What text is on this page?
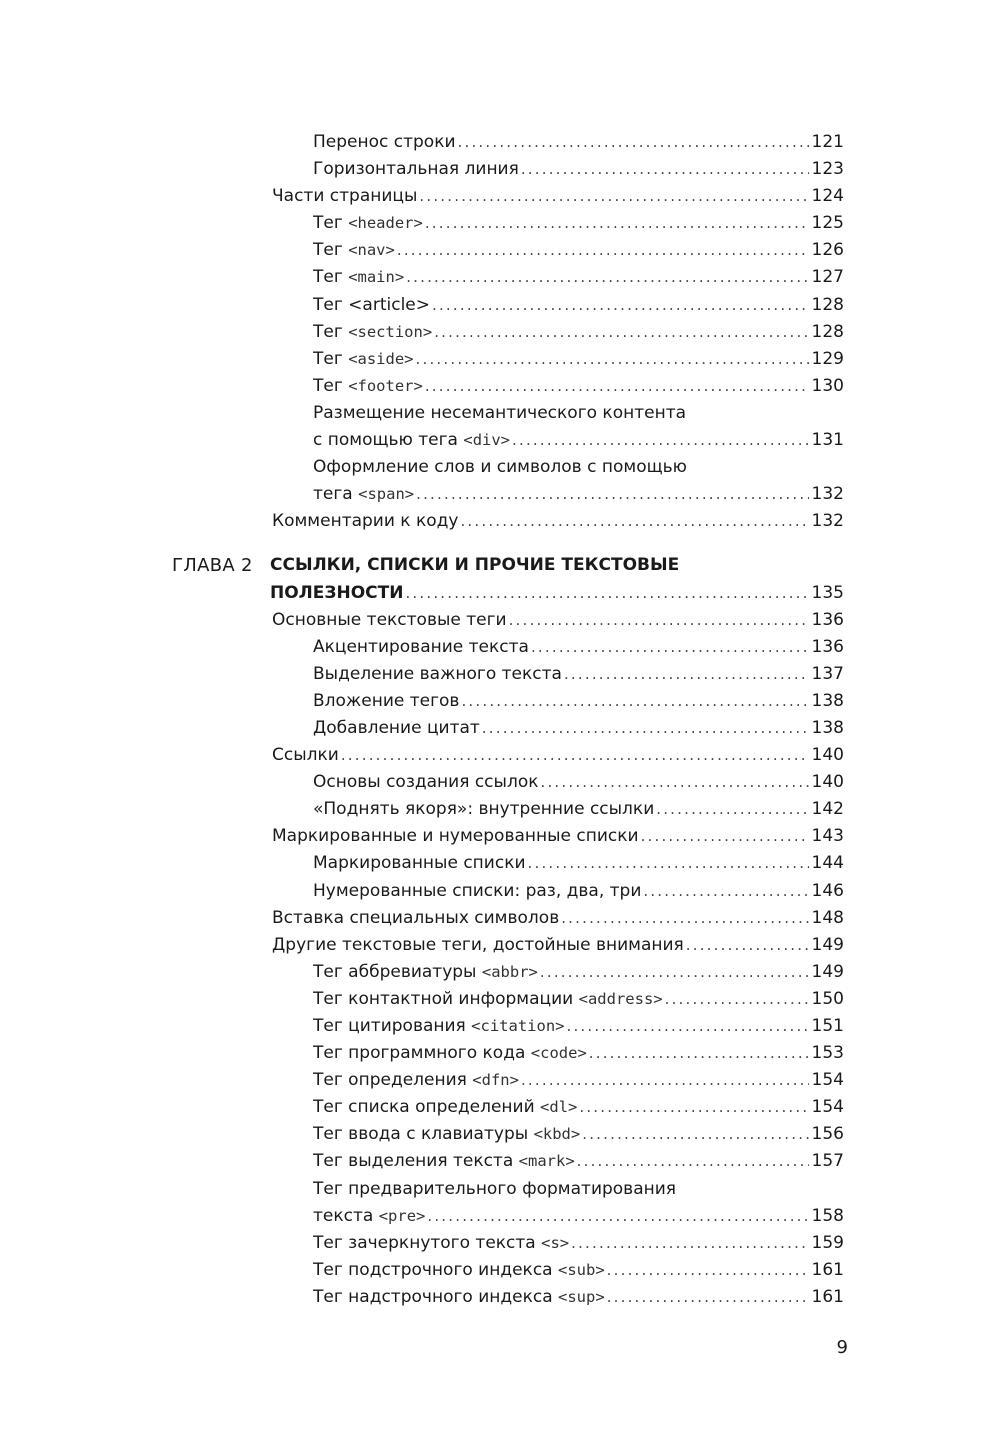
Перенос строки .....	121
Горизонтальная линия .....	123
Части страницы .....	124
Тег <header> .....	125
Тег <nav> .....	126
Тег <main> .....	127
Тег <article> .....	128
Тег <section> .....	128
Тег <aside> .....	129
Тег <footer> .....	130
Размещение несемантического контента
с помощью тега <div> .....	131
Оформление слов и символов с помощью
тега <span> .....	132
Комментарии к коду .....	132
ГЛАВА 2 ССЫЛКИ, СПИСКИ И ПРОЧИЕ ТЕКСТОВЫЕ
ПОЛЕЗНОСТИ .....	135
Основные текстовые теги .....	136
Акцентирование текста .....	136
Выделение важного текста .....	137
Вложение тегов .....	138
Добавление цитат .....	138
Ссылки .....	140
Основы создания ссылок .....	140
«Поднять якоря»: внутренние ссылки .....	142
Маркированные и нумерованные списки .....	143
Маркированные списки .....	144
Нумерованные списки: раз, два, три .....	146
Вставка специальных символов .....	148
Другие текстовые теги, достойные внимания .....	149
Тег аббревиатуры <abbr> .....	149
Тег контактной информации <address> .....	150
Тег цитирования <citation> .....	151
Тег программного кода <code> .....	153
Тег определения <dfn> .....	154
Тег списка определений <dl> .....	154
Тег ввода с клавиатуры <kbd> .....	156
Тег выделения текста <mark> .....	157
Тег предварительного форматирования
текста <pre> .....	158
Тег зачеркнутого текста <s> .....	159
Тег подстрочного индекса <sub> .....	161
Тег надстрочного индекса <sup> .....	161
9
